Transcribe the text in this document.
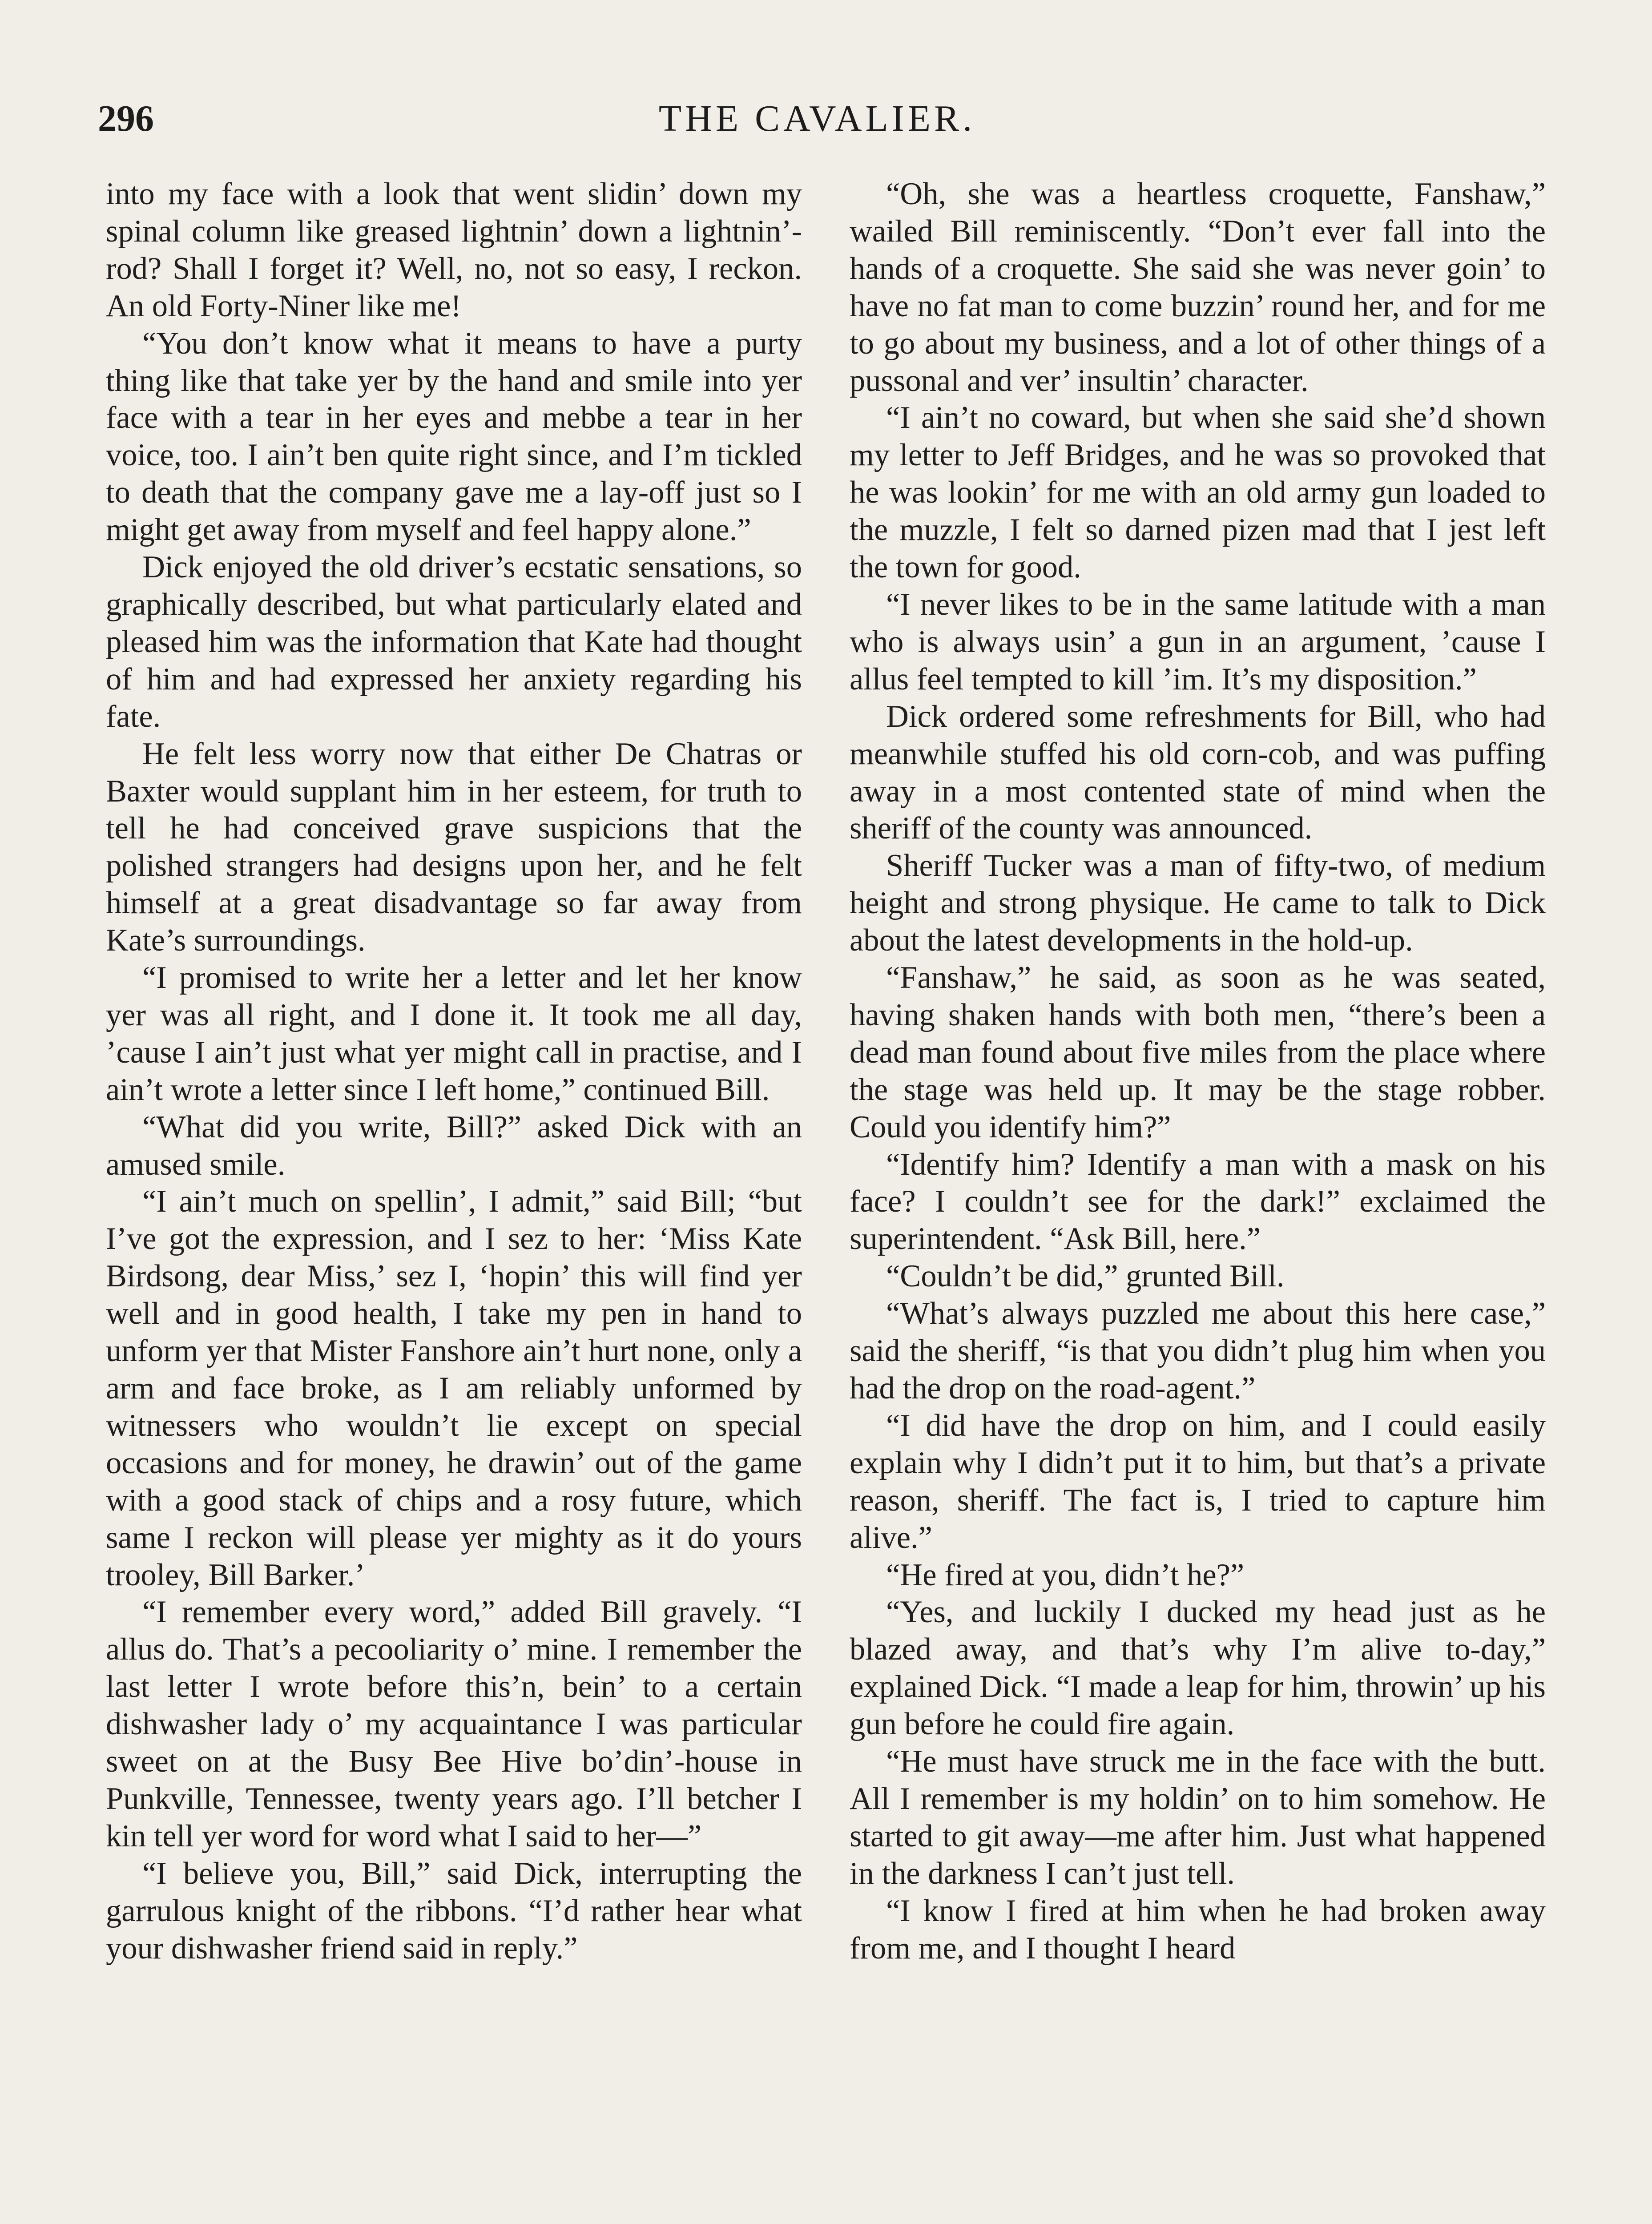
296	THE CAVALIER.

into my face with a look that went slidin’ down my spinal column like greased lightnin’ down a lightnin’-rod? Shall I forget it? Well, no, not so easy, I reckon. An old Forty-Niner like me!

“You don’t know what it means to have a purty thing like that take yer by the hand and smile into yer face with a tear in her eyes and mebbe a tear in her voice, too. I ain’t ben quite right since, and I’m tickled to death that the company gave me a lay-off just so I might get away from myself and feel happy alone.”

Dick enjoyed the old driver’s ecstatic sensations, so graphically described, but what particularly elated and pleased him was the information that Kate had thought of him and had expressed her anxiety regarding his fate.

He felt less worry now that either De Chatras or Baxter would supplant him in her esteem, for truth to tell he had conceived grave suspicions that the polished strangers had designs upon her, and he felt himself at a great disadvantage so far away from Kate’s surroundings.

“I promised to write her a letter and let her know yer was all right, and I done it. It took me all day, ’cause I ain’t just what yer might call in practise, and I ain’t wrote a letter since I left home,” continued Bill.

“What did you write, Bill?” asked Dick with an amused smile.

“I ain’t much on spellin’, I admit,” said Bill; “but I’ve got the expression, and I sez to her: ‘Miss Kate Birdsong, dear Miss,’ sez I, ‘hopin’ this will find yer well and in good health, I take my pen in hand to unform yer that Mister Fanshore ain’t hurt none, only a arm and face broke, as I am reliably unformed by witnessers who wouldn’t lie except on special occasions and for money, he drawin’ out of the game with a good stack of chips and a rosy future, which same I reckon will please yer mighty as it do yours trooley, Bill Barker.’

“I remember every word,” added Bill gravely. “I allus do. That’s a pecooliarity o’ mine. I remember the last letter I wrote before this’n, bein’ to a certain dishwasher lady o’ my acquaintance I was particular sweet on at the Busy Bee Hive bo’din’-house in Punkville, Tennessee, twenty years ago. I’ll betcher I kin tell yer word for word what I said to her—”

“I believe you, Bill,” said Dick, interrupting the garrulous knight of the ribbons. “I’d rather hear what your dishwasher friend said in reply.”

“Oh, she was a heartless croquette, Fanshaw,” wailed Bill reminiscently. “Don’t ever fall into the hands of a croquette. She said she was never goin’ to have no fat man to come buzzin’ round her, and for me to go about my business, and a lot of other things of a pussonal and ver’ insultin’ character.

“I ain’t no coward, but when she said she’d shown my letter to Jeff Bridges, and he was so provoked that he was lookin’ for me with an old army gun loaded to the muzzle, I felt so darned pizen mad that I jest left the town for good.

“I never likes to be in the same latitude with a man who is always usin’ a gun in an argument, ’cause I allus feel tempted to kill ’im. It’s my disposition.”

Dick ordered some refreshments for Bill, who had meanwhile stuffed his old corn-cob, and was puffing away in a most contented state of mind when the sheriff of the county was announced.

Sheriff Tucker was a man of fifty-two, of medium height and strong physique. He came to talk to Dick about the latest developments in the hold-up.

“Fanshaw,” he said, as soon as he was seated, having shaken hands with both men, “there’s been a dead man found about five miles from the place where the stage was held up. It may be the stage robber. Could you identify him?”

“Identify him? Identify a man with a mask on his face? I couldn’t see for the dark!” exclaimed the superintendent. “Ask Bill, here.”

“Couldn’t be did,” grunted Bill.

“What’s always puzzled me about this here case,” said the sheriff, “is that you didn’t plug him when you had the drop on the road-agent.”

“I did have the drop on him, and I could easily explain why I didn’t put it to him, but that’s a private reason, sheriff. The fact is, I tried to capture him alive.”

“He fired at you, didn’t he?”

“Yes, and luckily I ducked my head just as he blazed away, and that’s why I’m alive to-day,” explained Dick. “I made a leap for him, throwin’ up his gun before he could fire again.

“He must have struck me in the face with the butt. All I remember is my holdin’ on to him somehow. He started to git away—me after him. Just what happened in the darkness I can’t just tell.

“I know I fired at him when he had broken away from me, and I thought I heard
